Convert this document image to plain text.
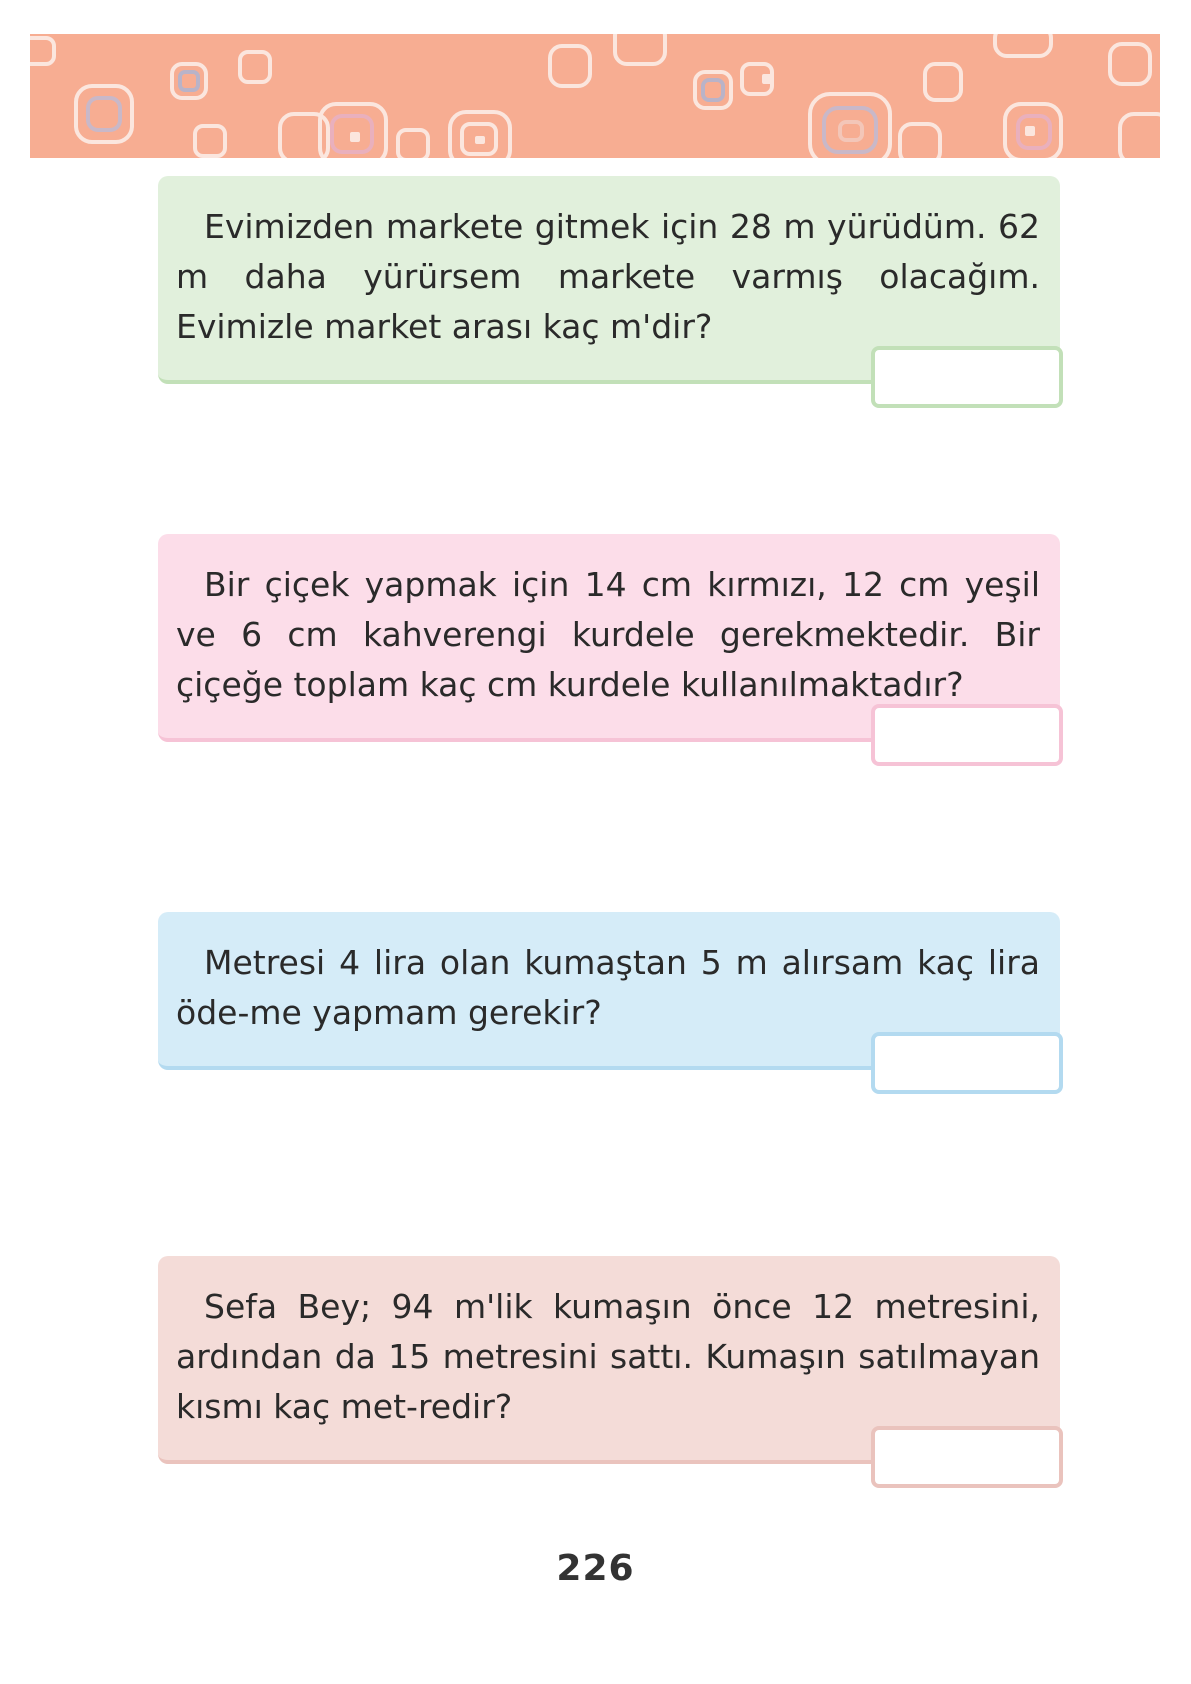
Evimizden markete gitmek için 28 m yürüdüm. 62 m daha yürürsem markete varmış olacağım. Evimizle market arası kaç m'dir?

Bir çiçek yapmak için 14 cm kırmızı, 12 cm yeşil ve 6 cm kahverengi kurdele gerekmektedir. Bir çiçeğe toplam kaç cm kurdele kullanılmaktadır?

Metresi 4 lira olan kumaştan 5 m alırsam kaç lira öde-me yapmam gerekir?

Sefa Bey; 94 m'lik kumaşın önce 12 metresini, ardından da 15 metresini sattı. Kumaşın satılmayan kısmı kaç met-redir?

226
